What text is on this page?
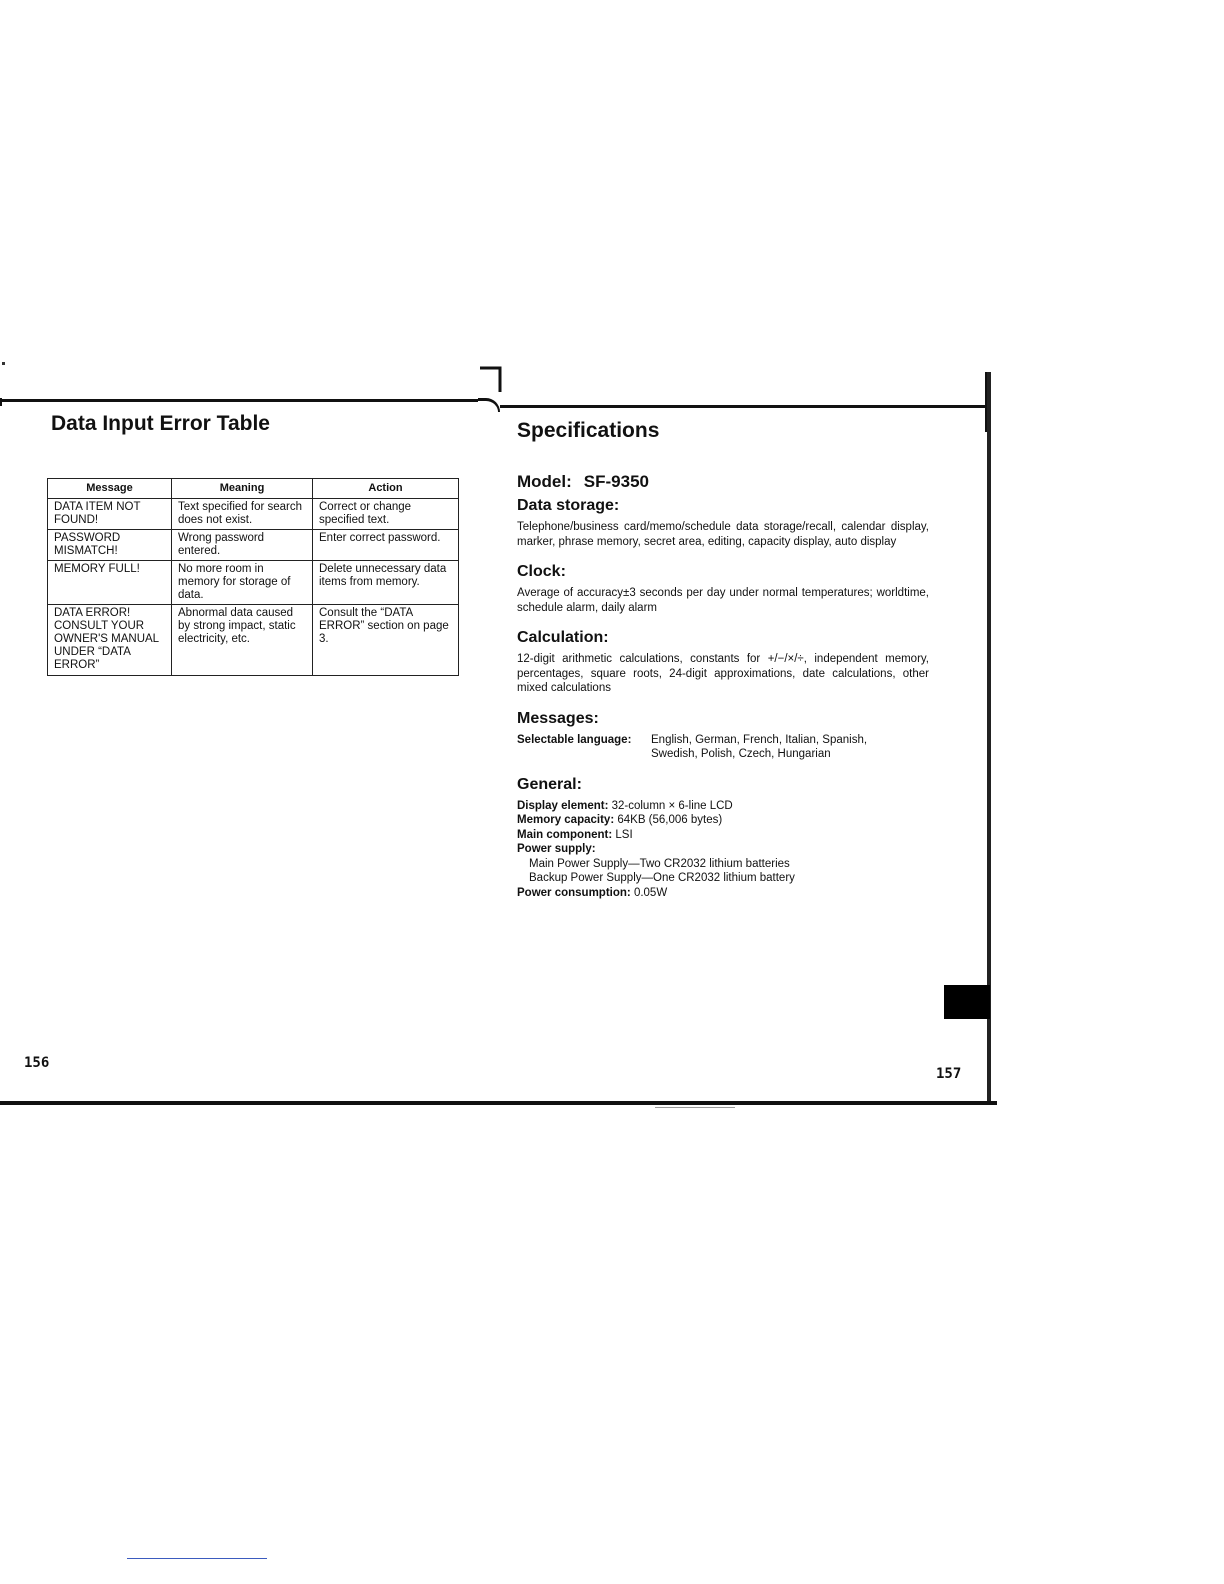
Data Input Error Table
Message	Meaning	Action
DATA ITEM NOT FOUND!	Text specified for search does not exist.	Correct or change specified text.
PASSWORD MISMATCH!	Wrong password entered.	Enter correct password.
MEMORY FULL!	No more room in memory for storage of data.	Delete unnecessary data items from memory.
DATA ERROR! CONSULT YOUR OWNER'S MANUAL UNDER “DATA ERROR”	Abnormal data caused by strong impact, static electricity, etc.	Consult the “DATA ERROR” section on page 3.
156
Specifications

Model: SF-9350

Data storage:

Telephone/business card/memo/schedule data storage/recall, calendar display, marker, phrase memory, secret area, editing, capacity display, auto display

Clock:

Average of accuracy±3 seconds per day under normal temperatures; worldtime, schedule alarm, daily alarm

Calculation:

12-digit arithmetic calculations, constants for +/−/×/÷, independent memory, percentages, square roots, 24-digit approximations, date calculations, other mixed calculations

Messages:

Selectable language:	English, German, French, Italian, Spanish,
Swedish, Polish, Czech, Hungarian

General:

Display element: 32-column × 6-line LCD
Memory capacity: 64KB (56,006 bytes)
Main component: LSI
Power supply:
Main Power Supply—Two CR2032 lithium batteries
Backup Power Supply—One CR2032 lithium battery
Power consumption: 0.05W
157
